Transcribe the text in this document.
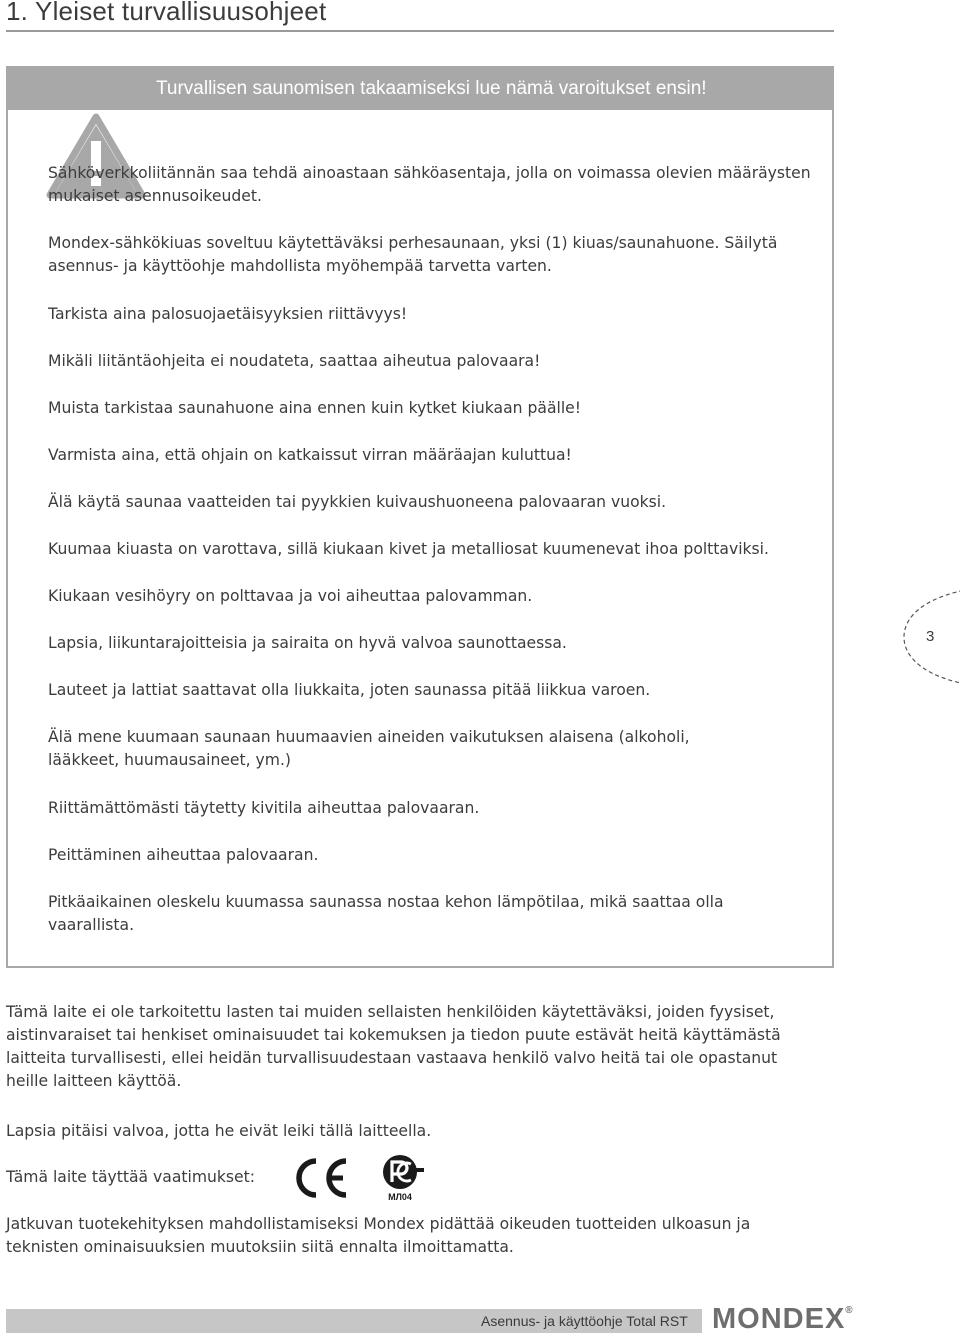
1. Yleiset turvallisuusohjeet
Turvallisen saunomisen takaamiseksi lue nämä varoitukset ensin!
Sähköverkkoliitännän saa tehdä ainoastaan sähköasentaja, jolla on voimassa olevien määräysten mukaiset asennusoikeudet.
Mondex-sähkökiuas soveltuu käytettäväksi perhesaunaan, yksi (1) kiuas/saunahuone. Säilytä asennus- ja käyttöohje mahdollista myöhempää tarvetta varten.
Tarkista aina palosuojaetäisyyksien riittävyys!
Mikäli liitäntäohjeita ei noudateta, saattaa aiheutua palovaara!
Muista tarkistaa saunahuone aina ennen kuin kytket kiukaan päälle!
Varmista aina, että ohjain on katkaissut virran määräajan kuluttua!
Älä käytä saunaa vaatteiden tai pyykkien kuivaushuoneena palovaaran vuoksi.
Kuumaa kiuasta on varottava, sillä kiukaan kivet ja metalliosat kuumenevat ihoa polttaviksi.
Kiukaan vesihöyry on polttavaa ja voi aiheuttaa palovamman.
Lapsia, liikuntarajoitteisia ja sairaita on hyvä valvoa saunottaessa.
Lauteet ja lattiat saattavat olla liukkaita, joten saunassa pitää liikkua varoen.
Älä mene kuumaan saunaan huumaavien aineiden vaikutuksen alaisena (alkoholi, lääkkeet, huumausaineet, ym.)
Riittämättömästi täytetty kivitila aiheuttaa palovaaran.
Peittäminen aiheuttaa palovaaran.
Pitkäaikainen oleskelu kuumassa saunassa nostaa kehon lämpötilaa, mikä saattaa olla vaarallista.
3

Tämä laite ei ole tarkoitettu lasten tai muiden sellaisten henkilöiden käytettäväksi, joiden fyysiset, aistinvaraiset tai henkiset ominaisuudet tai kokemuksen ja tiedon puute estävät heitä käyttämästä laitteita turvallisesti, ellei heidän turvallisuudestaan vastaava henkilö valvo heitä tai ole opastanut heille laitteen käyttöä.

Lapsia pitäisi valvoa, jotta he eivät leiki tällä laitteella.

Tämä laite täyttää vaatimukset:

Jatkuvan tuotekehityksen mahdollistamiseksi Mondex pidättää oikeuden tuotteiden ulkoasun ja teknisten ominaisuuksien muutoksiin siitä ennalta ilmoittamatta.

МЛ04
Asennus- ja käyttöohje Total RST MONDEX®
